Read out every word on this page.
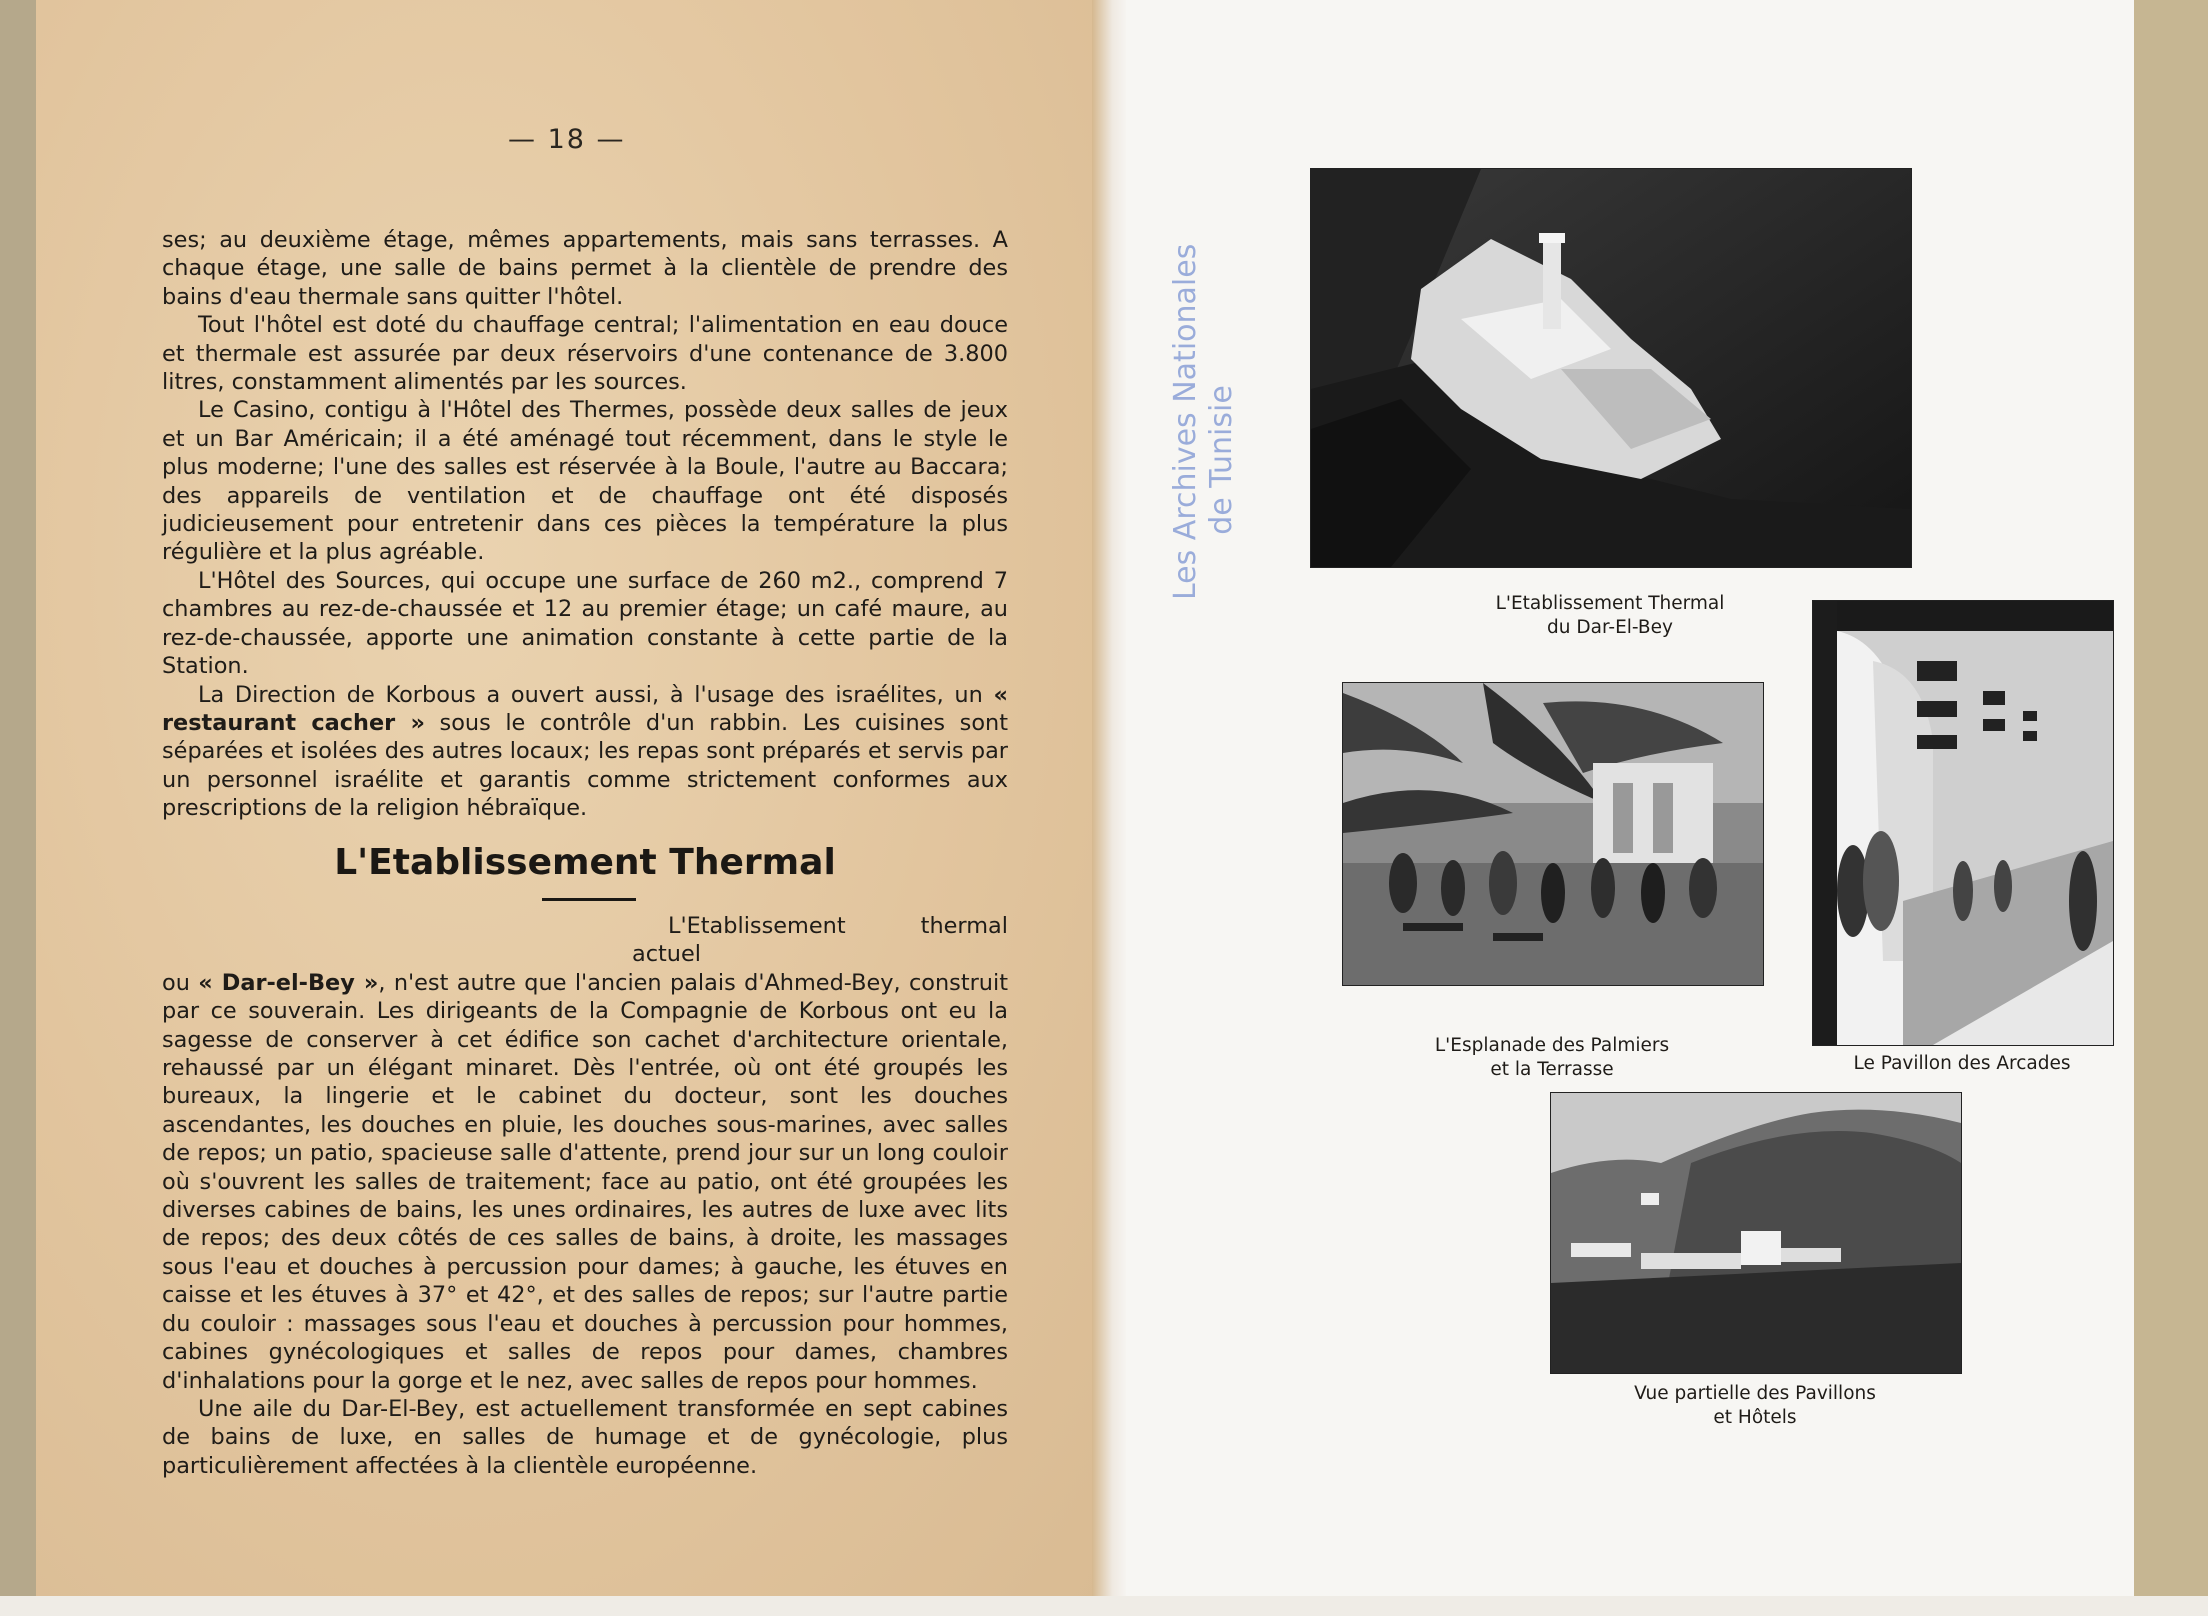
— 18 —

ses; au deuxième étage, mêmes appartements, mais sans terrasses. A chaque étage, une salle de bains permet à la clientèle de prendre des bains d'eau thermale sans quitter l'hôtel.

Tout l'hôtel est doté du chauffage central; l'alimentation en eau douce et thermale est assurée par deux réservoirs d'une contenance de 3.800 litres, constamment alimentés par les sources.

Le Casino, contigu à l'Hôtel des Thermes, possède deux salles de jeux et un Bar Américain; il a été aménagé tout récemment, dans le style le plus moderne; l'une des salles est réservée à la Boule, l'autre au Baccara; des appareils de ventilation et de chauffage ont été disposés judicieusement pour entretenir dans ces pièces la température la plus régulière et la plus agréable.

L'Hôtel des Sources, qui occupe une surface de 260 m2., comprend 7 chambres au rez-de-chaussée et 12 au premier étage; un café maure, au rez-de-chaussée, apporte une animation constante à cette partie de la Station.

La Direction de Korbous a ouvert aussi, à l'usage des israélites, un « restaurant cacher » sous le contrôle d'un rabbin. Les cuisines sont séparées et isolées des autres locaux; les repas sont préparés et servis par un personnel israélite et garantis comme strictement conformes aux prescriptions de la religion hébraïque.

L'Etablissement Thermal

L'Etablissement thermal actuel

ou « Dar-el-Bey », n'est autre que l'ancien palais d'Ahmed-Bey, construit par ce souverain. Les dirigeants de la Compagnie de Korbous ont eu la sagesse de conserver à cet édifice son cachet d'architecture orientale, rehaussé par un élégant minaret. Dès l'entrée, où ont été groupés les bureaux, la lingerie et le cabinet du docteur, sont les douches ascendantes, les douches en pluie, les douches sous-marines, avec salles de repos; un patio, spacieuse salle d'attente, prend jour sur un long couloir où s'ouvrent les salles de traitement; face au patio, ont été groupées les diverses cabines de bains, les unes ordinaires, les autres de luxe avec lits de repos; des deux côtés de ces salles de bains, à droite, les massages sous l'eau et douches à percussion pour dames; à gauche, les étuves en caisse et les étuves à 37° et 42°, et des salles de repos; sur l'autre partie du couloir : massages sous l'eau et douches à percussion pour hommes, cabines gynécologiques et salles de repos pour dames, chambres d'inhalations pour la gorge et le nez, avec salles de repos pour hommes.

Une aile du Dar-El-Bey, est actuellement transformée en sept cabines de bains de luxe, en salles de humage et de gynécologie, plus particulièrement affectées à la clientèle européenne.

Les Archives Nationales de Tunisie
L'Etablissement Thermal
du Dar-El-Bey
L'Esplanade des Palmiers
et la Terrasse	Le Pavillon des Arcades
Vue partielle des Pavillons
et Hôtels
